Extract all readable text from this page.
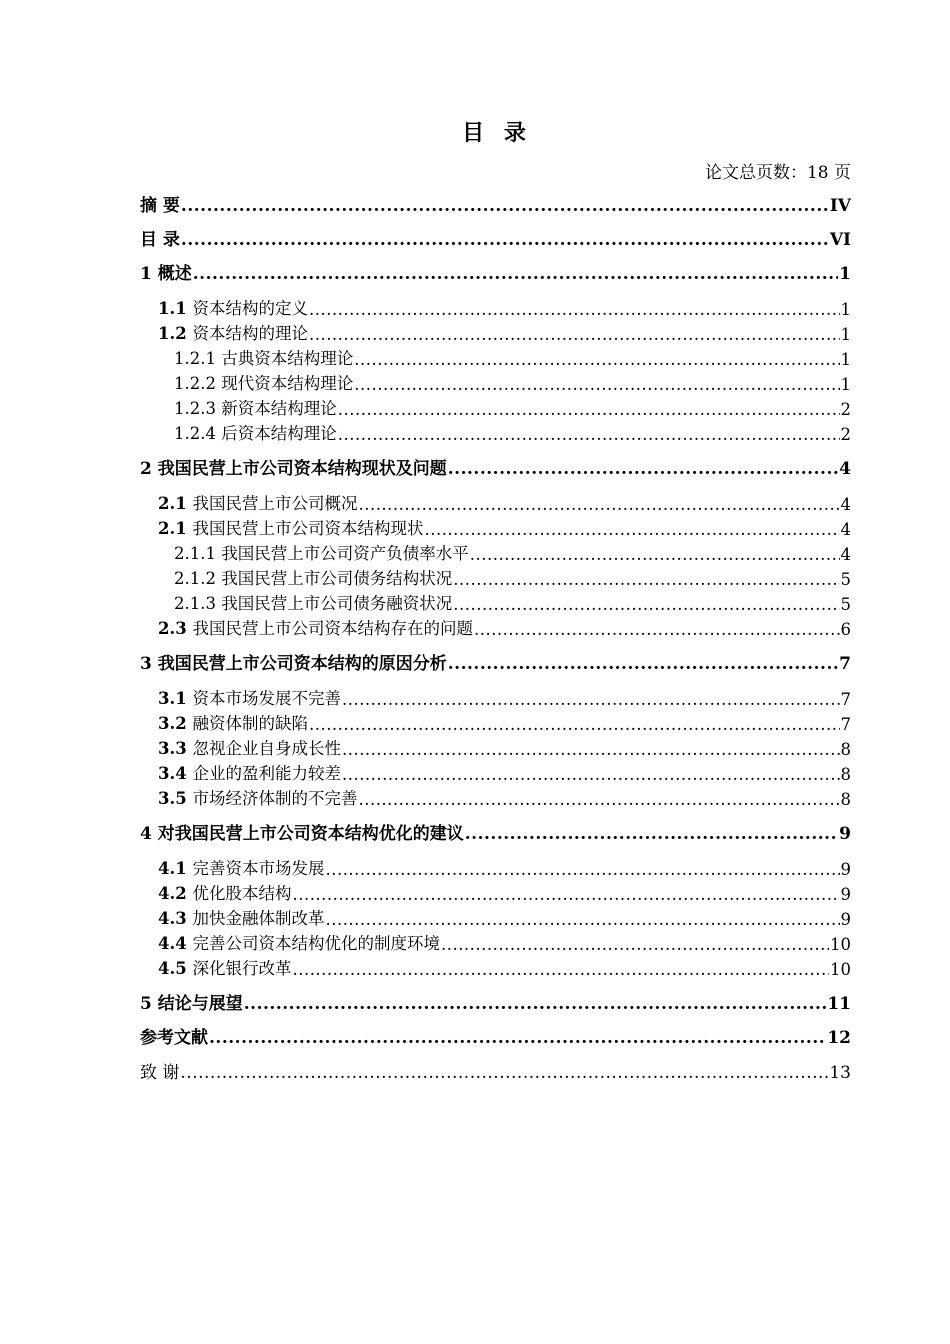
目 录
论文总页数：18 页
摘 要 .....	IV
目 录 .....	VI
1 概述 .....	1
1.1 资本结构的定义 .....	1
1.2 资本结构的理论 .....	1
1.2.1 古典资本结构理论 .....	1
1.2.2 现代资本结构理论 .....	1
1.2.3 新资本结构理论 .....	2
1.2.4 后资本结构理论 .....	2
2 我国民营上市公司资本结构现状及问题 .....	4
2.1 我国民营上市公司概况 .....	4
2.1 我国民营上市公司资本结构现状 .....	4
2.1.1 我国民营上市公司资产负债率水平 .....	4
2.1.2 我国民营上市公司债务结构状况 .....	5
2.1.3 我国民营上市公司债务融资状况 .....	5
2.3 我国民营上市公司资本结构存在的问题 .....	6
3 我国民营上市公司资本结构的原因分析 .....	7
3.1 资本市场发展不完善 .....	7
3.2 融资体制的缺陷 .....	7
3.3 忽视企业自身成长性 .....	8
3.4 企业的盈利能力较差 .....	8
3.5 市场经济体制的不完善 .....	8
4 对我国民营上市公司资本结构优化的建议 .....	9
4.1 完善资本市场发展 .....	9
4.2 优化股本结构 .....	9
4.3 加快金融体制改革 .....	9
4.4 完善公司资本结构优化的制度环境 .....	10
4.5 深化银行改革 .....	10
5 结论与展望 .....	11
参考文献 .....	12
致 谢 .....	13
